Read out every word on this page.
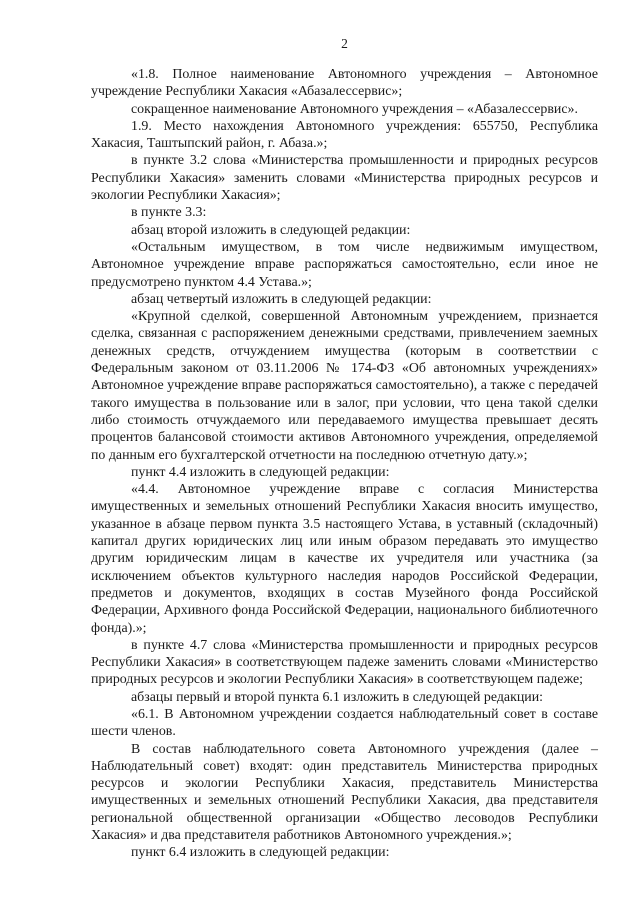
2

«1.8. Полное наименование Автономного учреждения – Автономное учреждение Республики Хакасия «Абазалессервис»;

сокращенное наименование Автономного учреждения – «Абазалессервис».

1.9. Место нахождения Автономного учреждения: 655750, Республика Хакасия, Таштыпский район, г. Абаза.»;

в пункте 3.2 слова «Министерства промышленности и природных ресурсов Республики Хакасия» заменить словами «Министерства природных ресурсов и экологии Республики Хакасия»;

в пункте 3.3:

абзац второй изложить в следующей редакции:

«Остальным имуществом, в том числе недвижимым имуществом, Автономное учреждение вправе распоряжаться самостоятельно, если иное не предусмотрено пунктом 4.4 Устава.»;

абзац четвертый изложить в следующей редакции:

«Крупной сделкой, совершенной Автономным учреждением, признается сделка, связанная с распоряжением денежными средствами, привлечением заемных денежных средств, отчуждением имущества (которым в соответствии с Федеральным законом от 03.11.2006 № 174-ФЗ «Об автономных учреждениях» Автономное учреждение вправе распоряжаться самостоятельно), а также с передачей такого имущества в пользование или в залог, при условии, что цена такой сделки либо стоимость отчуждаемого или передаваемого имущества превышает десять процентов балансовой стоимости активов Автономного учреждения, определяемой по данным его бухгалтерской отчетности на последнюю отчетную дату.»;

пункт 4.4 изложить в следующей редакции:

«4.4. Автономное учреждение вправе с согласия Министерства имущественных и земельных отношений Республики Хакасия вносить имущество, указанное в абзаце первом пункта 3.5 настоящего Устава, в уставный (складочный) капитал других юридических лиц или иным образом передавать это имущество другим юридическим лицам в качестве их учредителя или участника (за исключением объектов культурного наследия народов Российской Федерации, предметов и документов, входящих в состав Музейного фонда Российской Федерации, Архивного фонда Российской Федерации, национального библиотечного фонда).»;

в пункте 4.7 слова «Министерства промышленности и природных ресурсов Республики Хакасия» в соответствующем падеже заменить словами «Министерство природных ресурсов и экологии Республики Хакасия» в соответствующем падеже;

абзацы первый и второй пункта 6.1 изложить в следующей редакции:

«6.1. В Автономном учреждении создается наблюдательный совет в составе шести членов.

В состав наблюдательного совета Автономного учреждения (далее – Наблюдательный совет) входят: один представитель Министерства природных ресурсов и экологии Республики Хакасия, представитель Министерства имущественных и земельных отношений Республики Хакасия, два представителя региональной общественной организации «Общество лесоводов Республики Хакасия» и два представителя работников Автономного учреждения.»;

пункт 6.4 изложить в следующей редакции:
